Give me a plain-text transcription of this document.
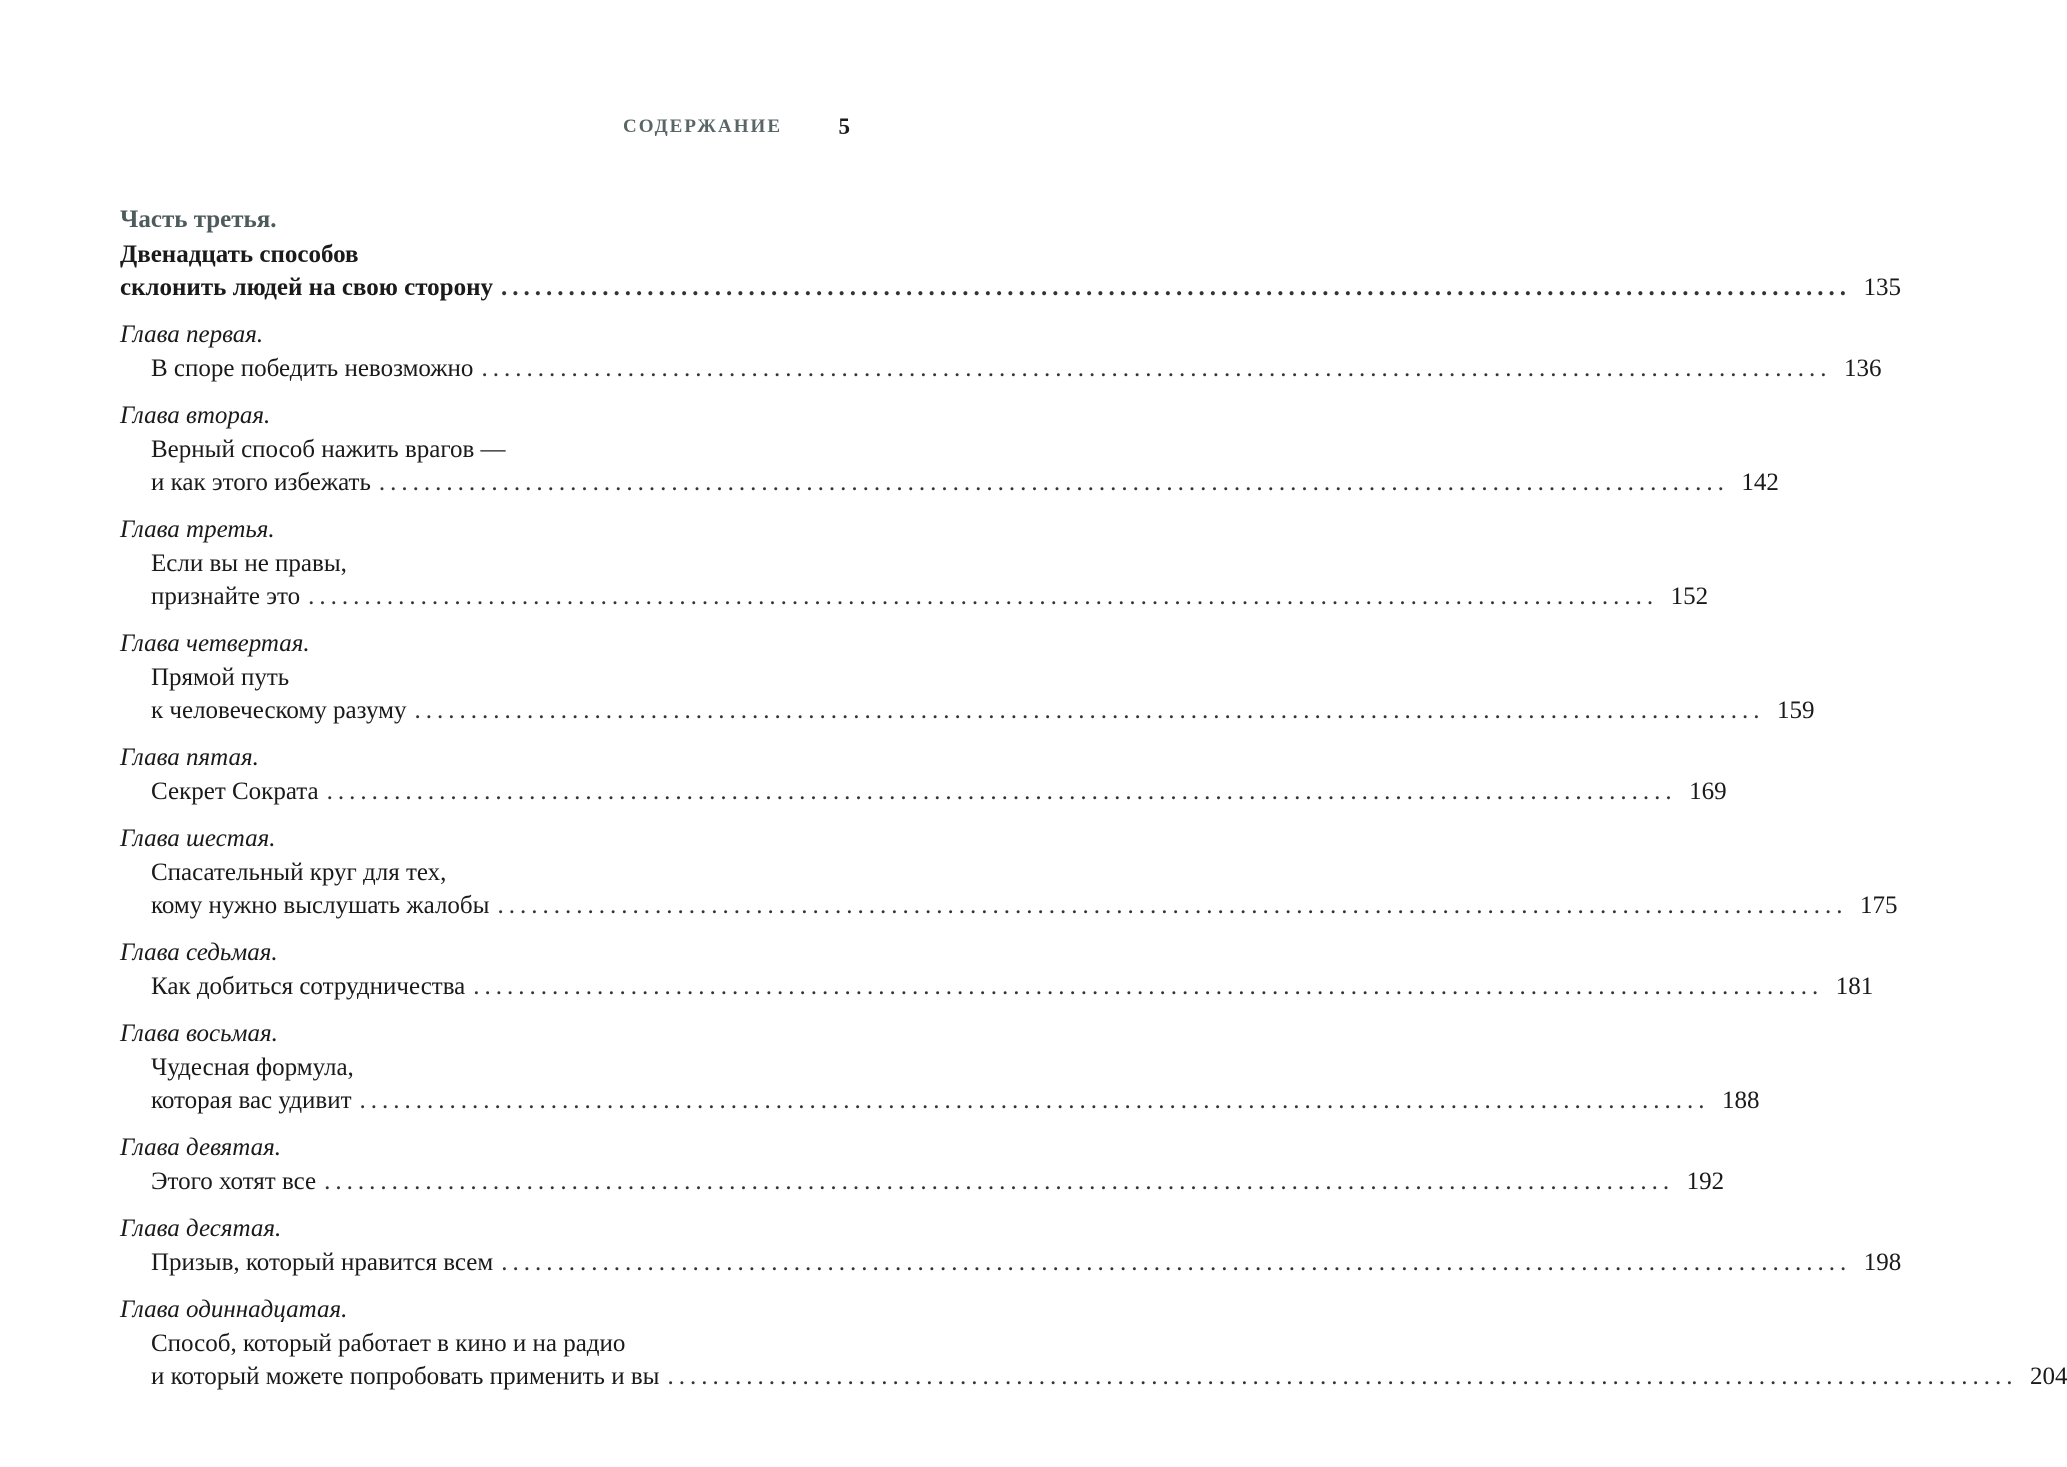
СОДЕРЖАНИЕ 5
Часть третья.
Двенадцать способов
склонить людей на свою сторону ........................................................................................................................ 135
Глава первая.
В споре победить невозможно ........................................................................................................................ 136
Глава вторая.
Верный способ нажить врагов —
и как этого избежать ........................................................................................................................ 142
Глава третья.
Если вы не правы,
признайте это ........................................................................................................................ 152
Глава четвертая.
Прямой путь
к человеческому разуму ........................................................................................................................ 159
Глава пятая.
Секрет Сократа ........................................................................................................................ 169
Глава шестая.
Спасательный круг для тех,
кому нужно выслушать жалобы ........................................................................................................................ 175
Глава седьмая.
Как добиться сотрудничества ........................................................................................................................ 181
Глава восьмая.
Чудесная формула,
которая вас удивит ........................................................................................................................ 188
Глава девятая.
Этого хотят все ........................................................................................................................ 192
Глава десятая.
Призыв, который нравится всем ........................................................................................................................ 198
Глава одиннадцатая.
Способ, который работает в кино и на радио
и который можете попробовать применить и вы ........................................................................................................................ 204
